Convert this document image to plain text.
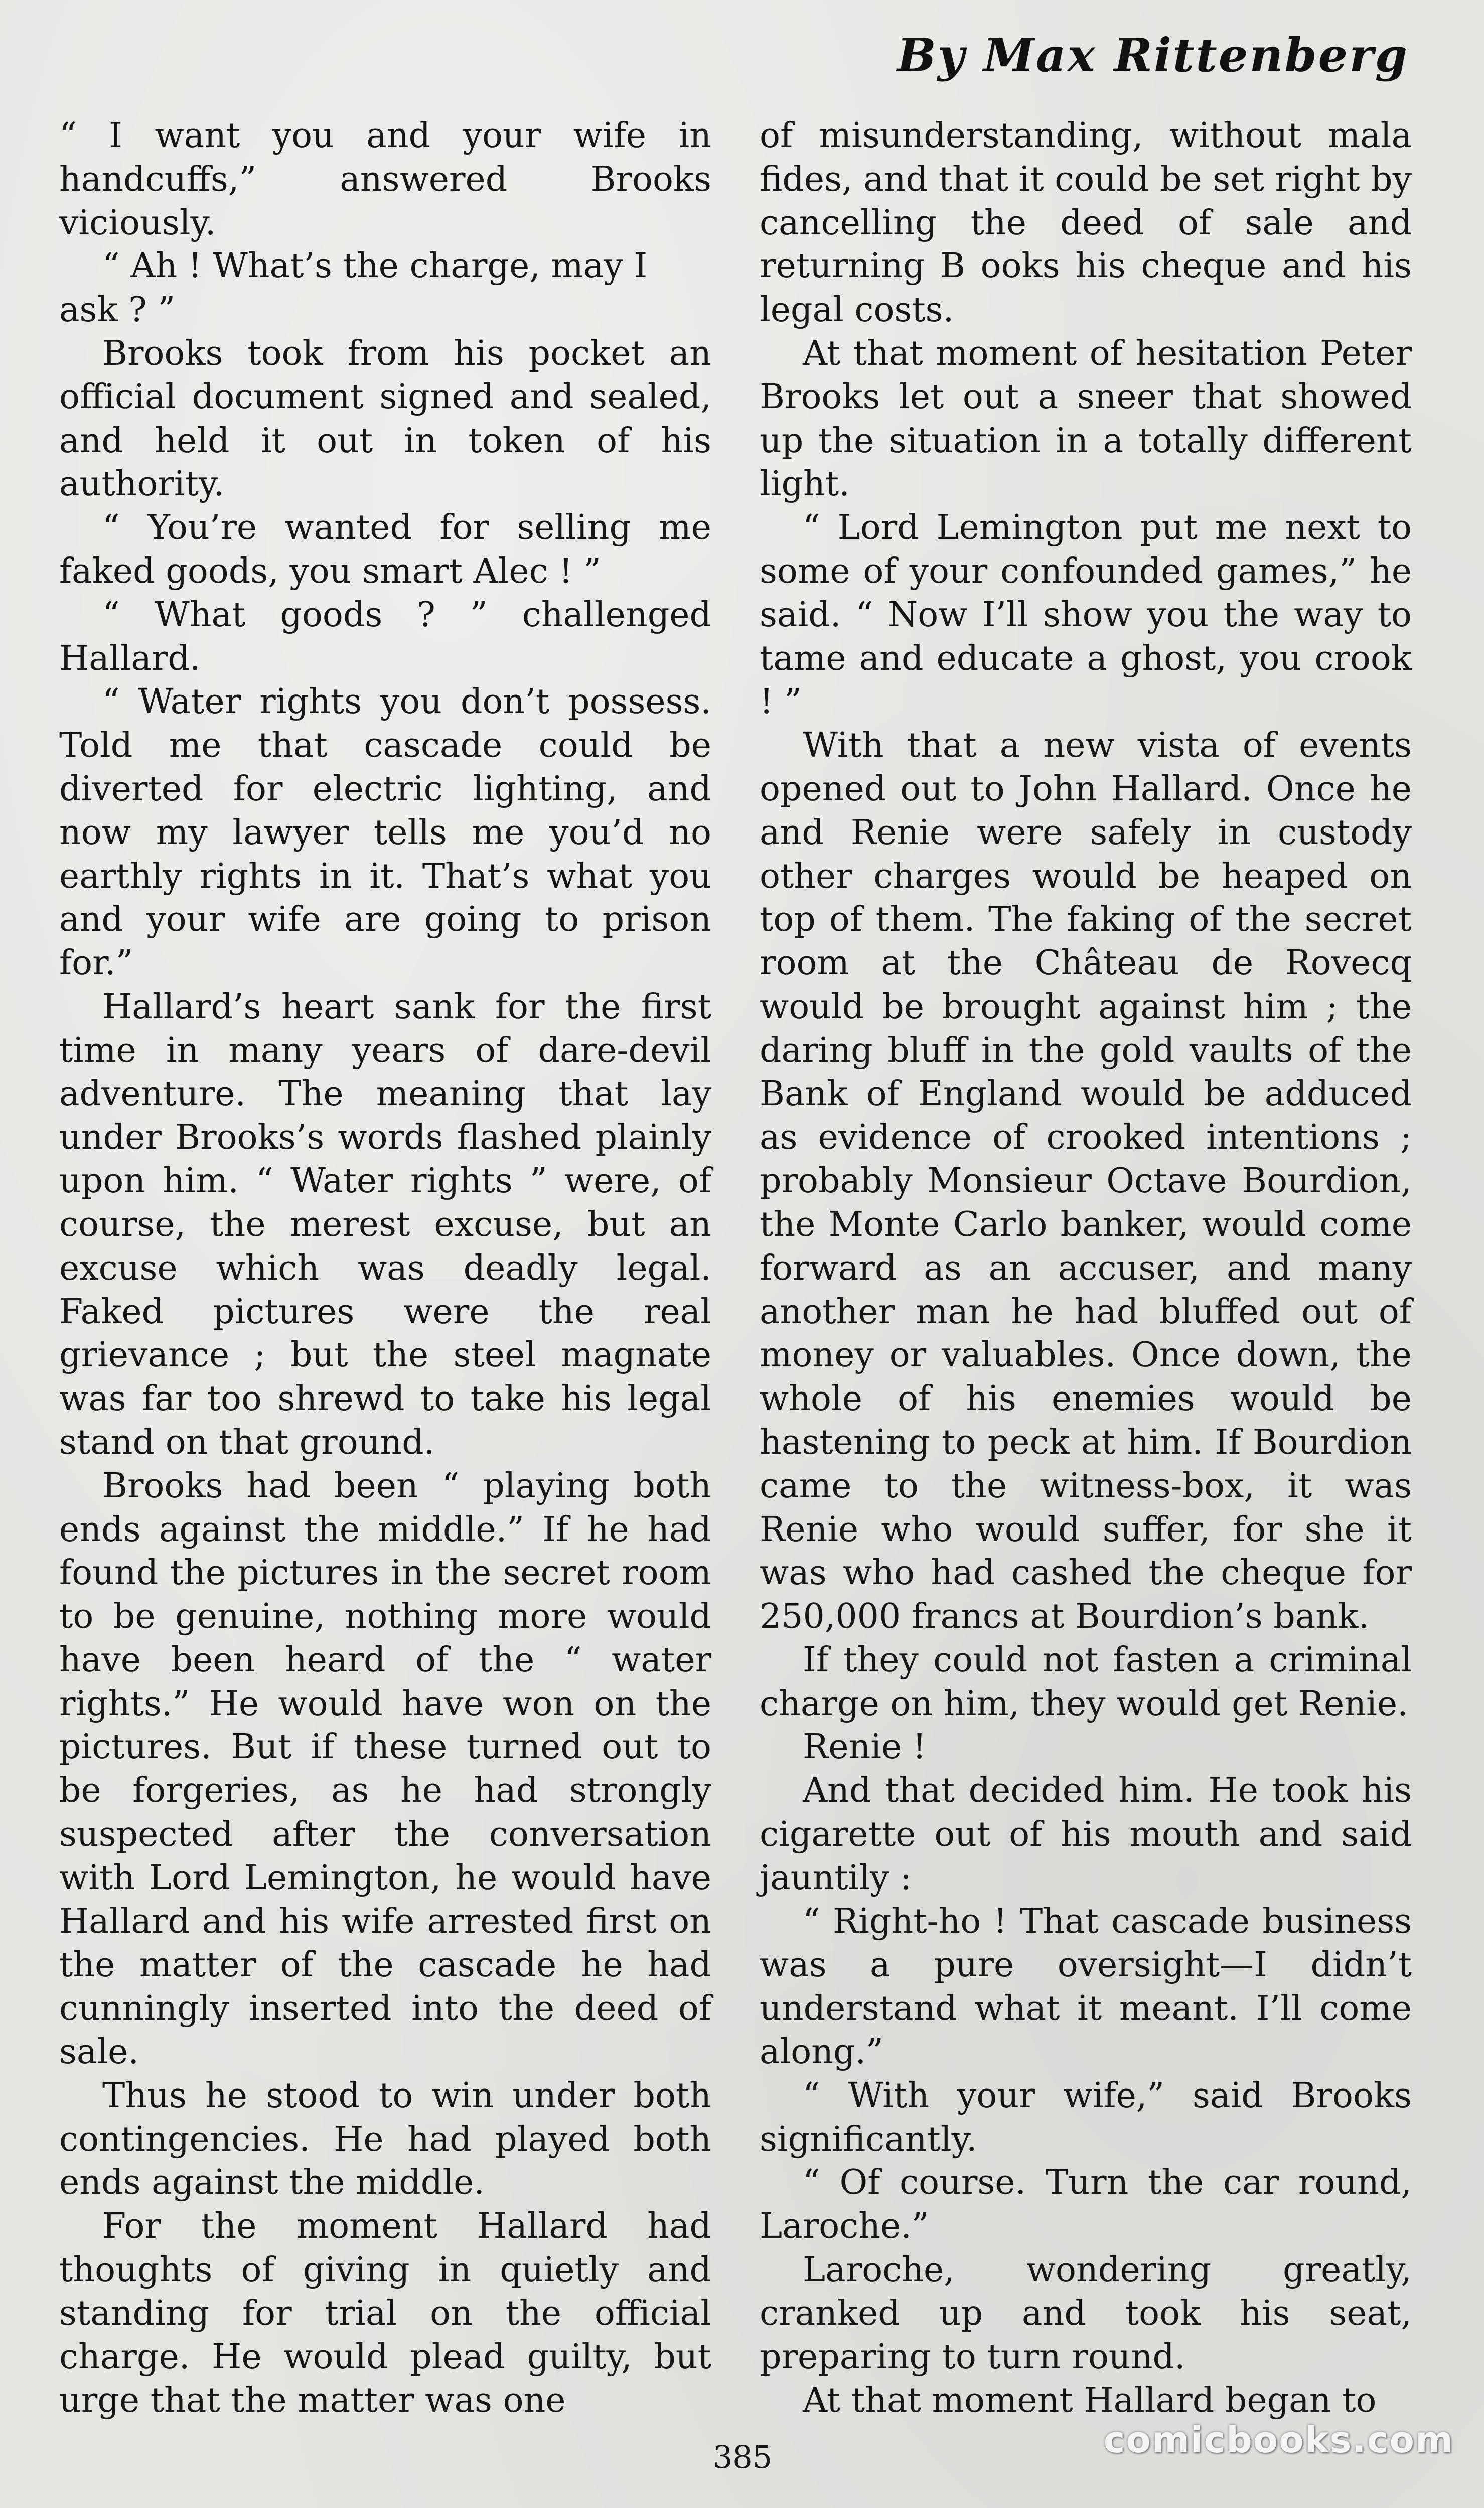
By Max Rittenberg

“ I want you and your wife in handcuffs,” answered Brooks viciously.

“ Ah ! What’s the charge, may I ask ? ”

Brooks took from his pocket an official document signed and sealed, and held it out in token of his authority.

“ You’re wanted for selling me faked goods, you smart Alec ! ”

“ What goods ? ” challenged Hallard.

“ Water rights you don’t possess. Told me that cascade could be diverted for electric lighting, and now my lawyer tells me you’d no earthly rights in it. That’s what you and your wife are going to prison for.”

Hallard’s heart sank for the first time in many years of dare-devil adventure. The meaning that lay under Brooks’s words flashed plainly upon him. “ Water rights ” were, of course, the merest excuse, but an excuse which was deadly legal. Faked pictures were the real grievance ; but the steel magnate was far too shrewd to take his legal stand on that ground.

Brooks had been “ playing both ends against the middle.” If he had found the pictures in the secret room to be genuine, nothing more would have been heard of the “ water rights.” He would have won on the pictures. But if these turned out to be forgeries, as he had strongly suspected after the conversation with Lord Lemington, he would have Hallard and his wife arrested first on the matter of the cascade he had cunningly inserted into the deed of sale.

Thus he stood to win under both contingencies. He had played both ends against the middle.

For the moment Hallard had thoughts of giving in quietly and standing for trial on the official charge. He would plead guilty, but urge that the matter was one

of misunderstanding, without mala fides, and that it could be set right by cancelling the deed of sale and returning B ooks his cheque and his legal costs.

At that moment of hesitation Peter Brooks let out a sneer that showed up the situation in a totally different light.

“ Lord Lemington put me next to some of your confounded games,” he said. “ Now I’ll show you the way to tame and educate a ghost, you crook ! ”

With that a new vista of events opened out to John Hallard. Once he and Renie were safely in custody other charges would be heaped on top of them. The faking of the secret room at the Château de Rovecq would be brought against him ; the daring bluff in the gold vaults of the Bank of England would be adduced as evidence of crooked intentions ; probably Monsieur Octave Bourdion, the Monte Carlo banker, would come forward as an accuser, and many another man he had bluffed out of money or valuables. Once down, the whole of his enemies would be hastening to peck at him. If Bourdion came to the witness-box, it was Renie who would suffer, for she it was who had cashed the cheque for 250,000 francs at Bourdion’s bank.

If they could not fasten a criminal charge on him, they would get Renie.

Renie !

And that decided him. He took his cigarette out of his mouth and said jauntily :

“ Right-ho ! That cascade business was a pure oversight—I didn’t understand what it meant. I’ll come along.”

“ With your wife,” said Brooks significantly.

“ Of course. Turn the car round, Laroche.”

Laroche, wondering greatly, cranked up and took his seat, preparing to turn round.

At that moment Hallard began to

385	comicbooks.com
